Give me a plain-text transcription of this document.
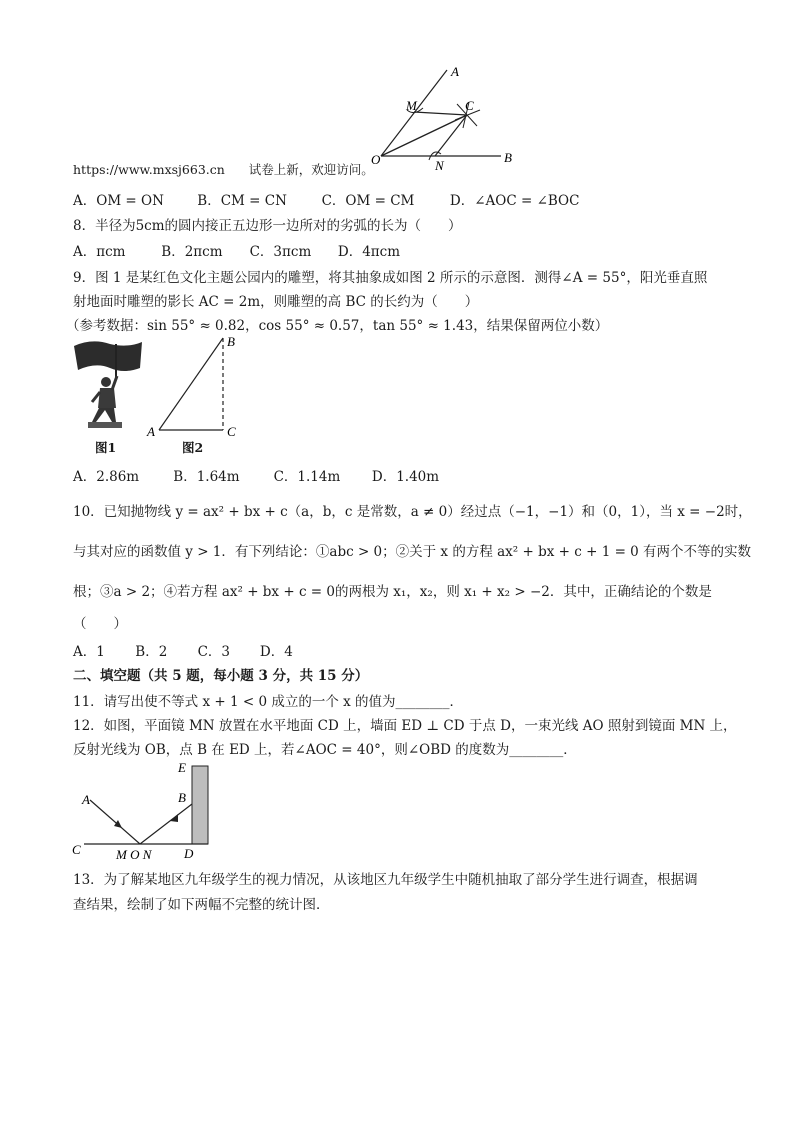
A
M	C
O	N
B
https://www.mxsj663.cn 试卷上新，欢迎访问。
A．OM = ON B．CM = CN	C．OM = CM	D．∠AOC = ∠BOC
8．半径为5cm的圆内接正五边形一边所对的劣弧的长为（　　）
A．πcm	B．2πcm C．3πcm D．4πcm
9．图 1 是某红色文化主题公园内的雕塑，将其抽象成如图 2 所示的示意图．测得∠A = 55°，阳光垂直照
射地面时雕塑的影长 AC = 2m，则雕塑的高 BC 的长约为（　　）
（参考数据：sin 55° ≈ 0.82，cos 55° ≈ 0.57，tan 55° ≈ 1.43，结果保留两位小数）
图1
A
B
C
图2
A．2.86m	B．1.64m	C．1.14m D．1.40m
10．已知抛物线 y = ax² + bx + c（a，b，c 是常数，a ≠ 0）经过点（−1，−1）和（0，1），当 x = −2时，
与其对应的函数值 y > 1．有下列结论：①abc > 0；②关于 x 的方程 ax² + bx + c + 1 = 0 有两个不等的实数
根；③a > 2；④若方程 ax² + bx + c = 0的两根为 x₁，x₂，则 x₁ + x₂ > −2．其中，正确结论的个数是
（　　）
A．1 B．2 C．3 D．4
二、填空题（共 5 题，每小题 3 分，共 15 分）
11．请写出使不等式 x + 1 < 0 成立的一个 x 的值为________．
12．如图，平面镜 MN 放置在水平地面 CD 上，墙面 ED ⊥ CD 于点 D，一束光线 AO 照射到镜面 MN 上，
反射光线为 OB，点 B 在 ED 上，若∠AOC = 40°，则∠OBD 的度数为________．
E
A	B
C	M O N	D
13．为了解某地区九年级学生的视力情况，从该地区九年级学生中随机抽取了部分学生进行调查，根据调
查结果，绘制了如下两幅不完整的统计图．
